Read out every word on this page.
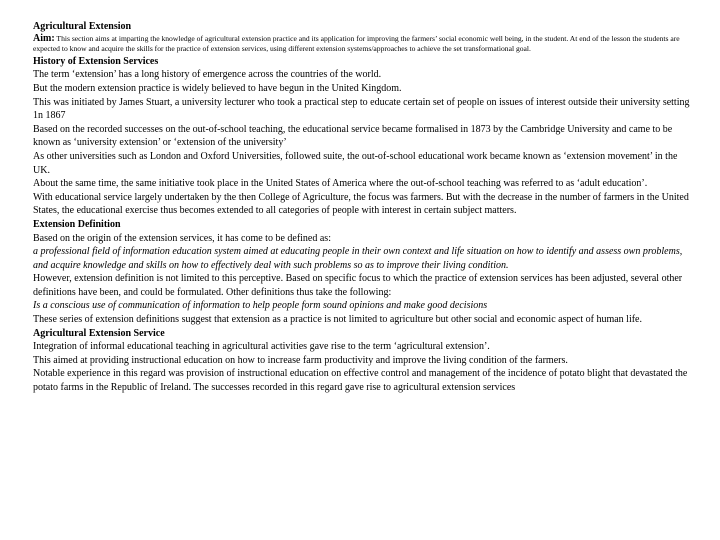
Agricultural Extension

Aim: This section aims at imparting the knowledge of agricultural extension practice and its application for improving the farmers’ social economic well being, in the student. At end of the lesson the students are expected to know and acquire the skills for the practice of extension services, using different extension systems/approaches to achieve the set transformational goal.

History of Extension Services

The term ‘extension’ has a long history of emergence across the countries of the world.

But the modern extension practice is widely believed to have begun in the United Kingdom.

This was initiated by James Stuart, a university lecturer who took a practical step to educate certain set of people on issues of interest outside their university setting 1n 1867

Based on the recorded successes on the out-of-school teaching, the educational service became formalised in 1873 by the Cambridge University and came to be known as ‘university extension’ or ‘extension of the university’

As other universities such as London and Oxford Universities, followed suite, the out-of-school educational work became known as ‘extension movement’ in the UK.

About the same time, the same initiative took place in the United States of America where the out-of-school teaching was referred to as ‘adult education’.

With educational service largely undertaken by the then College of Agriculture, the focus was farmers. But with the decrease in the number of farmers in the United States, the educational exercise thus becomes extended to all categories of people with interest in certain subject matters.

Extension Definition

Based on the origin of the extension services, it has come to be defined as:

a professional field of information education system aimed at educating people in their own context and life situation on how to identify and assess own problems, and acquire knowledge and skills on how to effectively deal with such problems so as to improve their living condition.

However, extension definition is not limited to this perceptive. Based on specific focus to which the practice of extension services has been adjusted, several other definitions have been, and could be formulated. Other definitions thus take the following:

Is a conscious use of communication of information to help people form sound opinions and make good decisions

These series of extension definitions suggest that extension as a practice is not limited to agriculture but other social and economic aspect of human life.

Agricultural Extension Service

Integration of informal educational teaching in agricultural activities gave rise to the term ‘agricultural extension’.

This aimed at providing instructional education on how to increase farm productivity and improve the living condition of the farmers.

Notable experience in this regard was provision of instructional education on effective control and management of the incidence of potato blight that devastated the potato farms in the Republic of Ireland. The successes recorded in this regard gave rise to agricultural extension services
